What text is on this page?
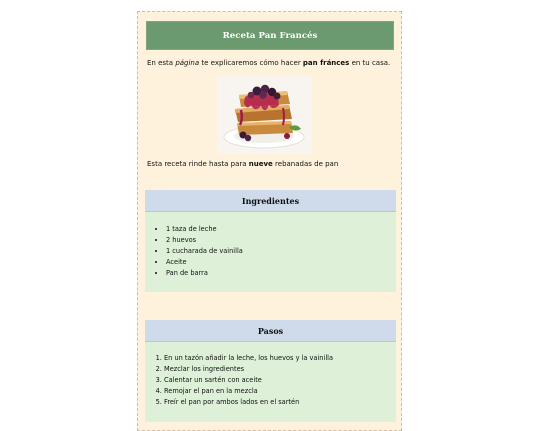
Receta Pan Francés
En esta página te explicaremos cómo hacer pan fránces en tu casa.
Esta receta rinde hasta para nueve rebanadas de pan
Ingredientes
• 1 taza de leche
• 2 huevos
• 1 cucharada de vainilla
• Aceite
• Pan de barra
Pasos
1. En un tazón añadir la leche, los huevos y la vainilla
2. Mezclar los ingredientes
3. Calentar un sartén con aceite
4. Remojar el pan en la mezcla
5. Freír el pan por ambos lados en el sartén
